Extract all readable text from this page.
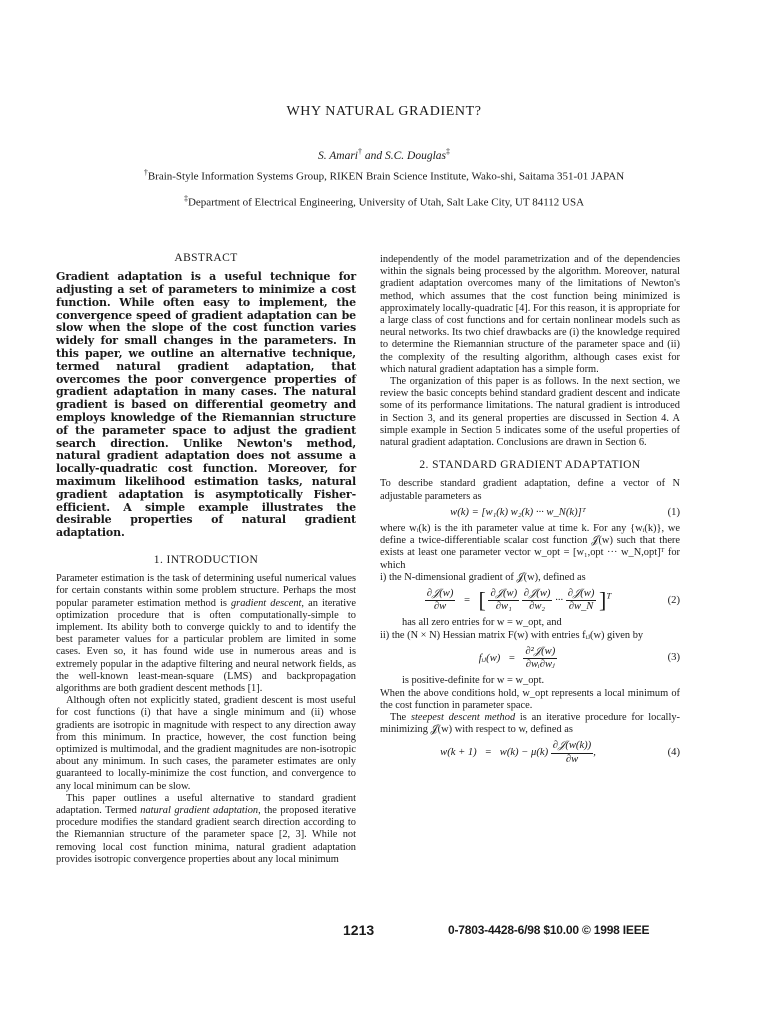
WHY NATURAL GRADIENT?
S. Amari† and S.C. Douglas‡
†Brain-Style Information Systems Group, RIKEN Brain Science Institute, Wako-shi, Saitama 351-01 JAPAN
‡Department of Electrical Engineering, University of Utah, Salt Lake City, UT 84112 USA
ABSTRACT

Gradient adaptation is a useful technique for adjusting a set of parameters to minimize a cost function. While often easy to implement, the convergence speed of gradient adaptation can be slow when the slope of the cost function varies widely for small changes in the parameters. In this paper, we outline an alternative technique, termed natural gradient adaptation, that overcomes the poor convergence properties of gradient adaptation in many cases. The natural gradient is based on differential geometry and employs knowledge of the Riemannian structure of the parameter space to adjust the gradient search direction. Unlike Newton's method, natural gradient adaptation does not assume a locally-quadratic cost function. Moreover, for maximum likelihood estimation tasks, natural gradient adaptation is asymptotically Fisher-efficient. A simple example illustrates the desirable properties of natural gradient adaptation.

1. INTRODUCTION

Parameter estimation is the task of determining useful numerical values for certain constants within some problem structure. Perhaps the most popular parameter estimation method is gradient descent, an iterative optimization procedure that is often computationally-simple to implement. Its ability both to converge quickly to and to identify the best parameter values for a particular problem are limited in some cases. Even so, it has found wide use in numerous areas and is extremely popular in the adaptive filtering and neural network fields, as the well-known least-mean-square (LMS) and backpropagation algorithms are both gradient descent methods [1].

Although often not explicitly stated, gradient descent is most useful for cost functions (i) that have a single minimum and (ii) whose gradients are isotropic in magnitude with respect to any direction away from this minimum. In practice, however, the cost function being optimized is multimodal, and the gradient magnitudes are non-isotropic about any minimum. In such cases, the parameter estimates are only guaranteed to locally-minimize the cost function, and convergence to any local minimum can be slow.

This paper outlines a useful alternative to standard gradient adaptation. Termed natural gradient adaptation, the proposed iterative procedure modifies the standard gradient search direction according to the Riemannian structure of the parameter space [2, 3]. While not removing local cost function minima, natural gradient adaptation provides isotropic convergence properties about any local minimum

independently of the model parametrization and of the dependencies within the signals being processed by the algorithm. Moreover, natural gradient adaptation overcomes many of the limitations of Newton's method, which assumes that the cost function being minimized is approximately locally-quadratic [4]. For this reason, it is appropriate for a large class of cost functions and for certain nonlinear models such as neural networks. Its two chief drawbacks are (i) the knowledge required to determine the Riemannian structure of the parameter space and (ii) the complexity of the resulting algorithm, although cases exist for which natural gradient adaptation has a simple form.

The organization of this paper is as follows. In the next section, we review the basic concepts behind standard gradient descent and indicate some of its performance limitations. The natural gradient is introduced in Section 3, and its general properties are discussed in Section 4. A simple example in Section 5 indicates some of the useful properties of natural gradient adaptation. Conclusions are drawn in Section 6.

2. STANDARD GRADIENT ADAPTATION

To describe standard gradient adaptation, define a vector of N adjustable parameters as

w(k) = [w₁(k) w₂(k) ··· w_N(k)]ᵀ	(1)

where wᵢ(k) is the ith parameter value at time k. For any {wᵢ(k)}, we define a twice-differentiable scalar cost function 𝒥(w) such that there exists at least one parameter vector w_opt = [w₁,opt ··· w_N,opt]ᵀ for which

i) the N-dimensional gradient of 𝒥(w), defined as

$\frac{\text{∂𝒥(w)}}{\partial w}$ = [ $\frac{\text{∂𝒥(w)}}{\text{∂w₁}}$
$\frac{\text{∂𝒥(w)}}{\text{∂w₂}}$ ··· $\frac{\text{∂𝒥(w)}}{\partial w\_N} ]^T$	(2)

has all zero entries for w = w_opt, and

ii) the (N × N) Hessian matrix F(w) with entries fᵢⱼ(w) given by

fᵢⱼ(w) = $\frac{\text{∂²𝒥(w)}}{\text{∂wᵢ∂wⱼ}}$	(3)

is positive-definite for w = w_opt.

When the above conditions hold, w_opt represents a local minimum of the cost function in parameter space.

The steepest descent method is an iterative procedure for locally-minimizing 𝒥(w) with respect to w, defined as

$w(k + 1) = w(k) - \mu(k) \frac{\text{∂𝒥(w(k))}}{\partial w}$ ,	(4)
1213	0-7803-4428-6/98 $10.00 © 1998 IEEE
